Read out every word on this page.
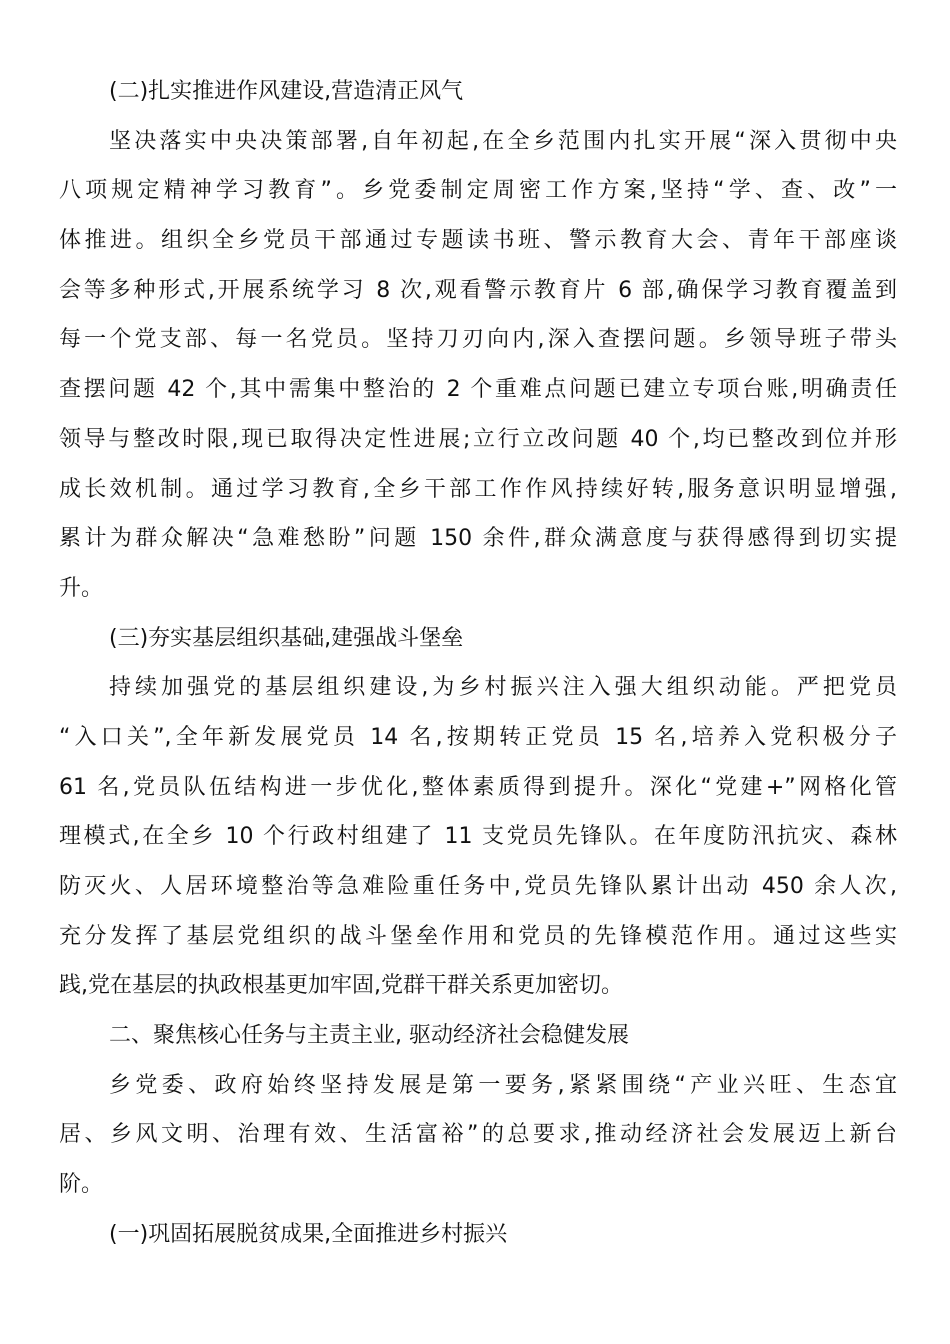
(二)扎实推进作风建设,营造清正风气
坚决落实中央决策部署,自年初起,在全乡范围内扎实开展“深入贯彻中央
八项规定精神学习教育”。乡党委制定周密工作方案,坚持“学、查、改”一
体推进。组织全乡党员干部通过专题读书班、警示教育大会、青年干部座谈
会等多种形式,开展系统学习 8 次,观看警示教育片 6 部,确保学习教育覆盖到
每一个党支部、每一名党员。坚持刀刃向内,深入查摆问题。乡领导班子带头
查摆问题 42 个,其中需集中整治的 2 个重难点问题已建立专项台账,明确责任
领导与整改时限,现已取得决定性进展;立行立改问题 40 个,均已整改到位并形
成长效机制。通过学习教育,全乡干部工作作风持续好转,服务意识明显增强,
累计为群众解决“急难愁盼”问题 150 余件,群众满意度与获得感得到切实提
升。
(三)夯实基层组织基础,建强战斗堡垒
持续加强党的基层组织建设,为乡村振兴注入强大组织动能。严把党员
“入口关”,全年新发展党员 14 名,按期转正党员 15 名,培养入党积极分子
61 名,党员队伍结构进一步优化,整体素质得到提升。深化“党建+”网格化管
理模式,在全乡 10 个行政村组建了 11 支党员先锋队。在年度防汛抗灾、森林
防灭火、人居环境整治等急难险重任务中,党员先锋队累计出动 450 余人次,
充分发挥了基层党组织的战斗堡垒作用和党员的先锋模范作用。通过这些实
践,党在基层的执政根基更加牢固,党群干群关系更加密切。
二、聚焦核心任务与主责主业, 驱动经济社会稳健发展
乡党委、政府始终坚持发展是第一要务,紧紧围绕“产业兴旺、生态宜
居、乡风文明、治理有效、生活富裕”的总要求,推动经济社会发展迈上新台
阶。
(一)巩固拓展脱贫成果,全面推进乡村振兴
